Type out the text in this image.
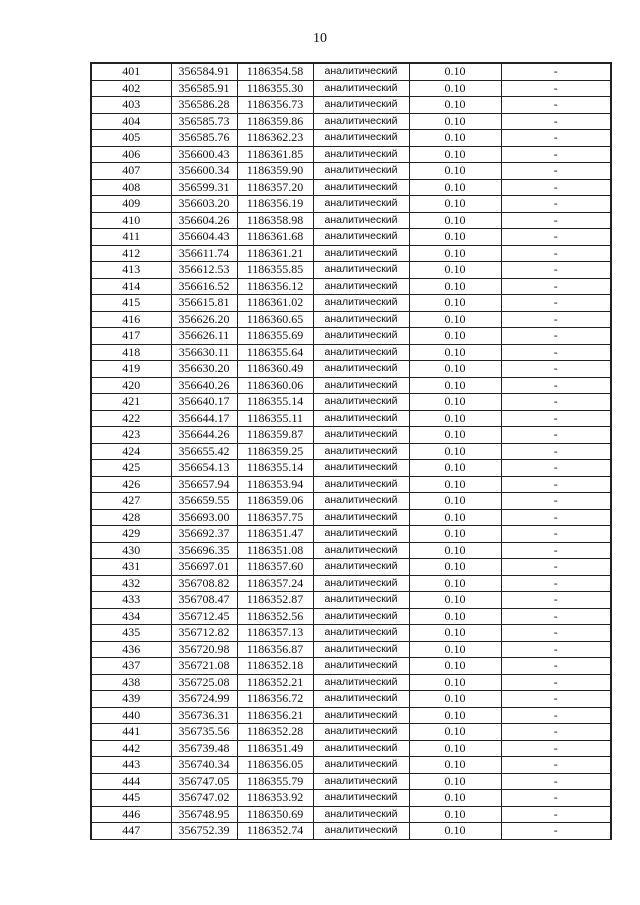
10
401	356584.91	1186354.58	аналитический	0.10	-
402	356585.91	1186355.30	аналитический	0.10	-
403	356586.28	1186356.73	аналитический	0.10	-
404	356585.73	1186359.86	аналитический	0.10	-
405	356585.76	1186362.23	аналитический	0.10	-
406	356600.43	1186361.85	аналитический	0.10	-
407	356600.34	1186359.90	аналитический	0.10	-
408	356599.31	1186357.20	аналитический	0.10	-
409	356603.20	1186356.19	аналитический	0.10	-
410	356604.26	1186358.98	аналитический	0.10	-
411	356604.43	1186361.68	аналитический	0.10	-
412	356611.74	1186361.21	аналитический	0.10	-
413	356612.53	1186355.85	аналитический	0.10	-
414	356616.52	1186356.12	аналитический	0.10	-
415	356615.81	1186361.02	аналитический	0.10	-
416	356626.20	1186360.65	аналитический	0.10	-
417	356626.11	1186355.69	аналитический	0.10	-
418	356630.11	1186355.64	аналитический	0.10	-
419	356630.20	1186360.49	аналитический	0.10	-
420	356640.26	1186360.06	аналитический	0.10	-
421	356640.17	1186355.14	аналитический	0.10	-
422	356644.17	1186355.11	аналитический	0.10	-
423	356644.26	1186359.87	аналитический	0.10	-
424	356655.42	1186359.25	аналитический	0.10	-
425	356654.13	1186355.14	аналитический	0.10	-
426	356657.94	1186353.94	аналитический	0.10	-
427	356659.55	1186359.06	аналитический	0.10	-
428	356693.00	1186357.75	аналитический	0.10	-
429	356692.37	1186351.47	аналитический	0.10	-
430	356696.35	1186351.08	аналитический	0.10	-
431	356697.01	1186357.60	аналитический	0.10	-
432	356708.82	1186357.24	аналитический	0.10	-
433	356708.47	1186352.87	аналитический	0.10	-
434	356712.45	1186352.56	аналитический	0.10	-
435	356712.82	1186357.13	аналитический	0.10	-
436	356720.98	1186356.87	аналитический	0.10	-
437	356721.08	1186352.18	аналитический	0.10	-
438	356725.08	1186352.21	аналитический	0.10	-
439	356724.99	1186356.72	аналитический	0.10	-
440	356736.31	1186356.21	аналитический	0.10	-
441	356735.56	1186352.28	аналитический	0.10	-
442	356739.48	1186351.49	аналитический	0.10	-
443	356740.34	1186356.05	аналитический	0.10	-
444	356747.05	1186355.79	аналитический	0.10	-
445	356747.02	1186353.92	аналитический	0.10	-
446	356748.95	1186350.69	аналитический	0.10	-
447	356752.39	1186352.74	аналитический	0.10	-
